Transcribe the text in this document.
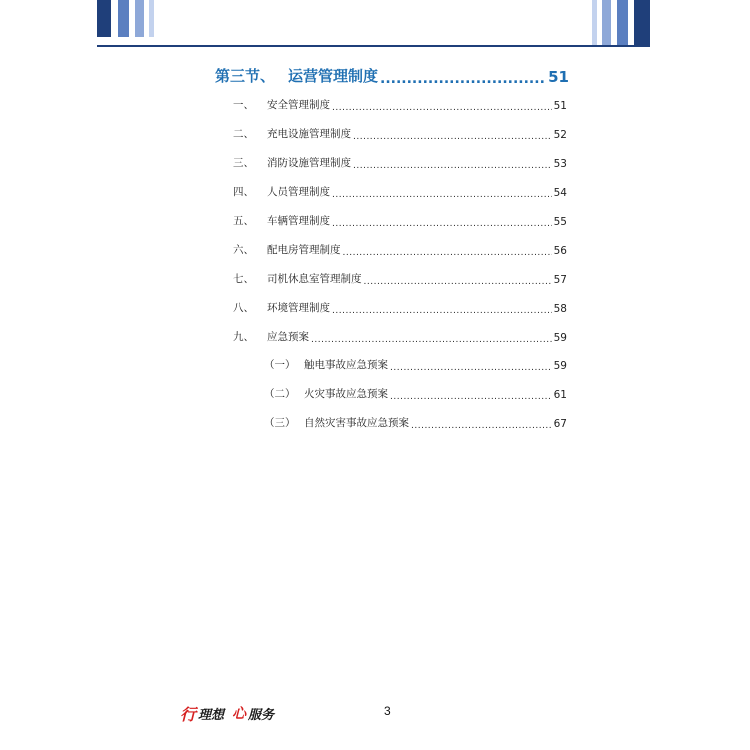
第三节、 运营管理制度 .....	51
一、	安全管理制度 .....	51
二、	充电设施管理制度 .....	52
三、	消防设施管理制度 .....	53
四、	人员管理制度 .....	54
五、	车辆管理制度 .....	55
六、	配电房管理制度 .....	56
七、	司机休息室管理制度 .....	57
八、	环境管理制度 .....	58
九、	应急预案 .....	59
（一） 触电事故应急预案 .....	59
（二） 火灾事故应急预案 .....	61
（三） 自然灾害事故应急预案 .....	67
行 理想 心 服务	3
